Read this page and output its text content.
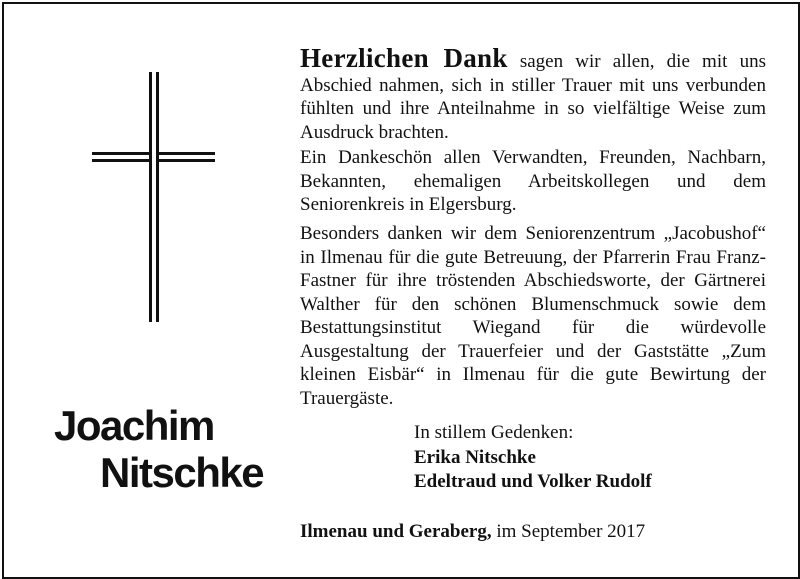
Joachim
Nitschke
Herzlichen Dank sagen wir allen, die mit uns Abschied nahmen, sich in stiller Trauer mit uns verbunden fühlten und ihre Anteilnahme in so vielfältige Weise zum Ausdruck brachten.
Ein Dankeschön allen Verwandten, Freunden, Nachbarn, Bekannten, ehemaligen Arbeitskollegen und dem Seniorenkreis in Elgersburg.
Besonders danken wir dem Seniorenzentrum „Jacobushof“ in Ilmenau für die gute Betreuung, der Pfarrerin Frau Franz-Fastner für ihre tröstenden Abschiedsworte, der Gärtnerei Walther für den schönen Blumenschmuck sowie dem Bestattungsinstitut Wiegand für die würdevolle Ausgestaltung der Trauerfeier und der Gaststätte „Zum kleinen Eisbär“ in Ilmenau für die gute Bewirtung der Trauergäste.
In stillem Gedenken:
Erika Nitschke
Edeltraud und Volker Rudolf
Ilmenau und Geraberg, im September 2017
